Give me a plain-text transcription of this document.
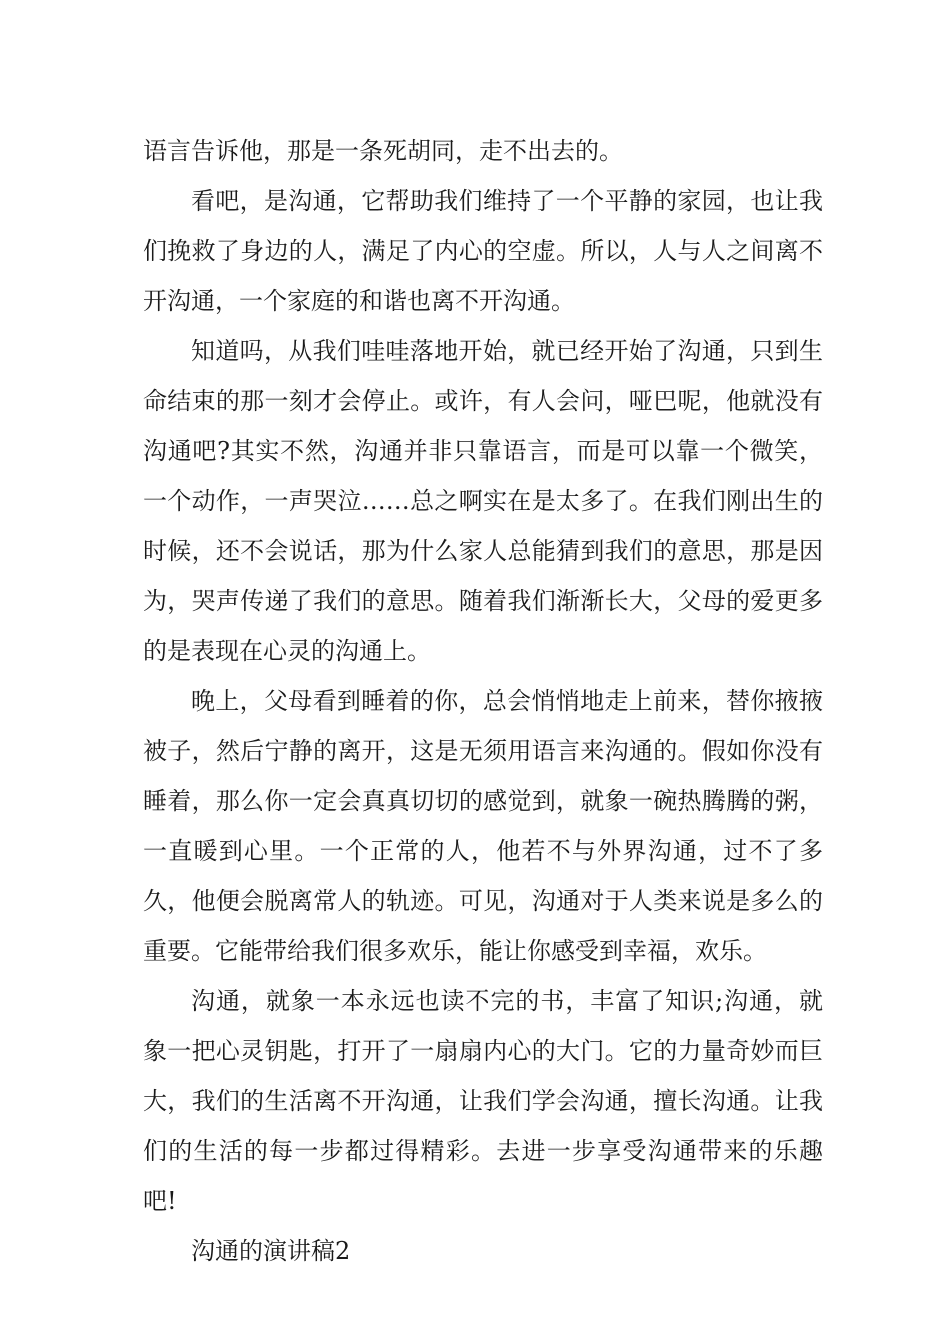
语言告诉他，那是一条死胡同，走不出去的。

看吧，是沟通，它帮助我们维持了一个平静的家园，也让我们挽救了身边的人，满足了内心的空虚。所以，人与人之间离不开沟通，一个家庭的和谐也离不开沟通。

知道吗，从我们哇哇落地开始，就已经开始了沟通，只到生命结束的那一刻才会停止。或许，有人会问，哑巴呢，他就没有沟通吧?其实不然，沟通并非只靠语言，而是可以靠一个微笑，一个动作，一声哭泣……总之啊实在是太多了。在我们刚出生的时候，还不会说话，那为什么家人总能猜到我们的意思，那是因为，哭声传递了我们的意思。随着我们渐渐长大，父母的爱更多的是表现在心灵的沟通上。

晚上，父母看到睡着的你，总会悄悄地走上前来，替你掖掖被子，然后宁静的离开，这是无须用语言来沟通的。假如你没有睡着，那么你一定会真真切切的感觉到，就象一碗热腾腾的粥，一直暖到心里。一个正常的人，他若不与外界沟通，过不了多久，他便会脱离常人的轨迹。可见，沟通对于人类来说是多么的重要。它能带给我们很多欢乐，能让你感受到幸福，欢乐。

沟通，就象一本永远也读不完的书，丰富了知识;沟通，就象一把心灵钥匙，打开了一扇扇内心的大门。它的力量奇妙而巨大，我们的生活离不开沟通，让我们学会沟通，擅长沟通。让我们的生活的每一步都过得精彩。去进一步享受沟通带来的乐趣吧!

沟通的演讲稿2
